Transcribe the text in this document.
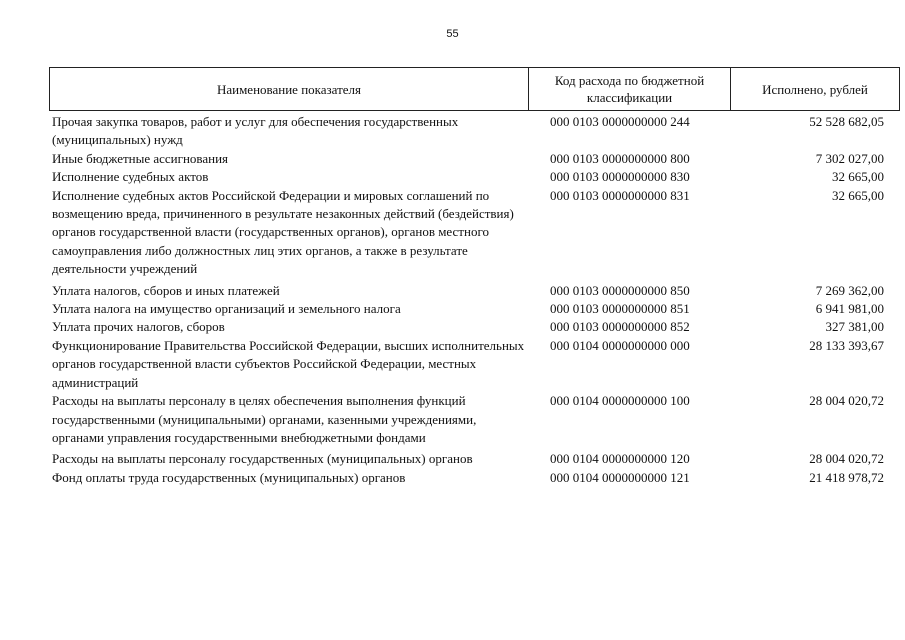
55
Наименование показателя
Код расхода по бюджетной классификации
Исполнено, рублей
Прочая закупка товаров, работ и услуг для обеспечения государственных (муниципальных) нужд
000 0103 0000000000 244	52 528 682,05
Иные бюджетные ассигнования	000 0103 0000000000 800	7 302 027,00
Исполнение судебных актов	000 0103 0000000000 830	32 665,00
Исполнение судебных актов Российской Федерации и мировых соглашений по возмещению вреда, причиненного в результате незаконных действий (бездействия) органов государственной власти (государственных органов), органов местного самоуправления либо должностных лиц этих органов, а также в результате деятельности учреждений
000 0103 0000000000 831	32 665,00
Уплата налогов, сборов и иных платежей	000 0103 0000000000 850	7 269 362,00
Уплата налога на имущество организаций и земельного налога	000 0103 0000000000 851	6 941 981,00
Уплата прочих налогов, сборов	000 0103 0000000000 852	327 381,00
Функционирование Правительства Российской Федерации, высших исполнительных органов государственной власти субъектов Российской Федерации, местных администраций
000 0104 0000000000 000	28 133 393,67
Расходы на выплаты персоналу в целях обеспечения выполнения функций государственными (муниципальными) органами, казенными учреждениями, органами управления государственными внебюджетными фондами
000 0104 0000000000 100	28 004 020,72
Расходы на выплаты персоналу государственных (муниципальных) органов	000 0104 0000000000 120	28 004 020,72
Фонд оплаты труда государственных (муниципальных) органов	000 0104 0000000000 121	21 418 978,72
